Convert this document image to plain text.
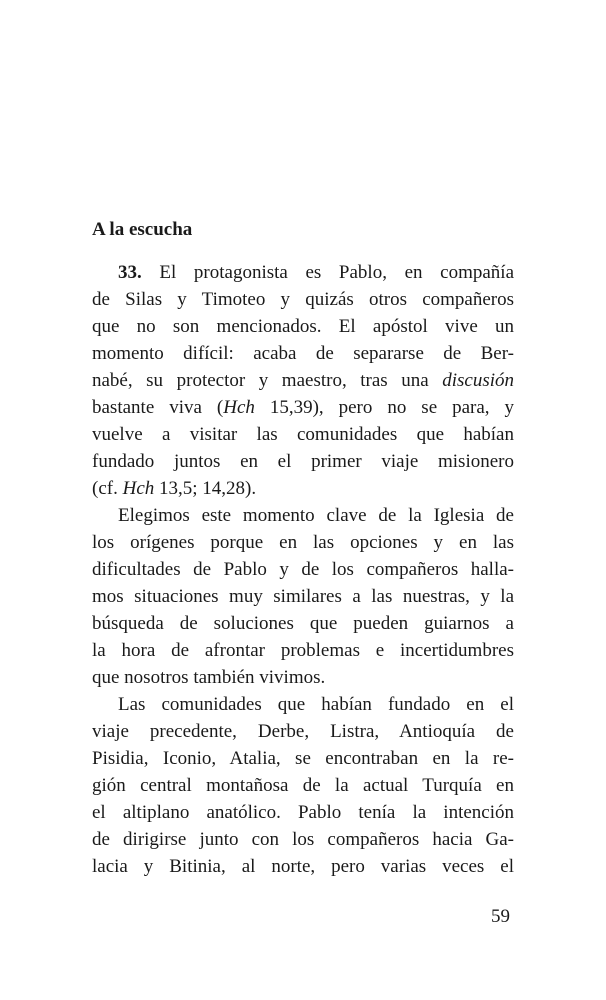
A la escucha

33. El protagonista es Pablo, en compañía
de Silas y Timoteo y quizás otros compañeros
que no son mencionados. El apóstol vive un
momento difícil: acaba de separarse de Ber-
nabé, su protector y maestro, tras una discusión
bastante viva (Hch 15,39), pero no se para, y
vuelve a visitar las comunidades que habían
fundado juntos en el primer viaje misionero
(cf. Hch 13,5; 14,28).

Elegimos este momento clave de la Iglesia de
los orígenes porque en las opciones y en las
dificultades de Pablo y de los compañeros halla-
mos situaciones muy similares a las nuestras, y la
búsqueda de soluciones que pueden guiarnos a
la hora de afrontar problemas e incertidumbres
que nosotros también vivimos.

Las comunidades que habían fundado en el
viaje precedente, Derbe, Listra, Antioquía de
Pisidia, Iconio, Atalia, se encontraban en la re-
gión central montañosa de la actual Turquía en
el altiplano anatólico. Pablo tenía la intención
de dirigirse junto con los compañeros hacia Ga-
lacia y Bitinia, al norte, pero varias veces el

59
